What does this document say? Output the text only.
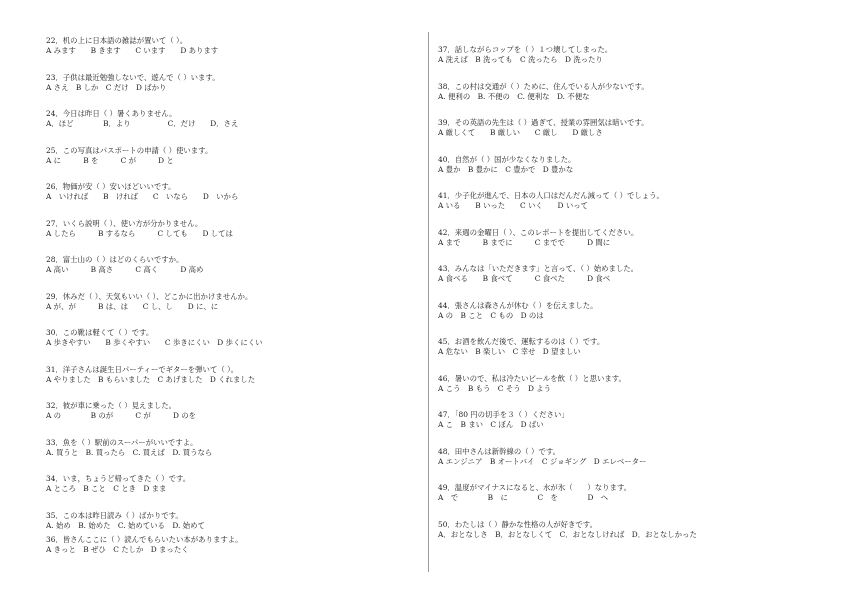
22．机の上に日本語の雑誌が置いて（ ）。
A みます　　B きます　　C います　　D あります
23．子供は最近勉強しないで、遊んで（ ）います。
A さえ　B しか　C だけ　D ばかり
24．今日は昨日（ ）暑くありません。
A．ほど　　　　B．より　　　　　C．だけ　　D．さえ
25．この写真はパスポートの申請（ ）使います。
A に　　　B を　　　C が　　　D と
26．物価が安（ ）安いほどいいです。
A　いければ　　B　ければ　　C　いなら　　D　いから
27．いくら説明（ ）、使い方が分かりません。
A したら　　　B するなら　　　C しても　　D しては
28．富士山の（ ）はどのくらいですか。
A 高い　　　B 高さ　　　C 高く　　　D 高め
29．休みだ（ ）、天気もいい（ ）、どこかに出かけませんか。
A が、が　　　B は、は　　C し、し　　D に、に
30．この靴は軽くて（ ）です。
A 歩きやすい　　B 歩くやすい　　C 歩きにくい　D 歩くにくい
31．洋子さんは誕生日パーティーでギターを弾いて（ ）。
A やりました　B もらいました　C あげました　D くれました
32．彼が車に乗った（ ）見えました。
A の　　　　B のが　　　C が　　　D のを
33．魚を（ ）駅前のスーパーがいいですよ。
A. 買うと　B. 買ったら　C. 買えば　D. 買うなら
34．いま，ちょうど帰ってきた（ ）です。
A ところ　B こと　C とき　D まま
35．この本は昨日読み（ ）ばかりです。
A. 始め　B. 始めた　C. 始めている　D. 始めて
36．皆さんここに（ ）読んでもらいたい本がありますよ。
A きっと　B ぜひ　C たしか　D まったく
37．話しながらコップを（ ）１つ壊してしまった。
A 洗えば　B 洗っても　C 洗ったら　D 洗ったり
38．この村は交通が（ ）ために、住んでいる人が少ないです。
A. 便利の　B. 不便の　C. 便利な　D. 不便な
39．その英語の先生は（ ）過ぎて、授業の雰囲気は暗いです。
A 厳しくて　　B 厳しい　　C 厳し　　D 厳しさ
40．自然が（ ）国が少なくなりました。
A 豊か　B 豊かに　C 豊かで　D 豊かな
41．少子化が進んで、日本の人口はだんだん減って（ ）でしょう。
A いる　　B いった　　C いく　　D いって
42．来週の金曜日（ ）、このレポートを提出してください。
A まで　　　B までに　　　C までで　　　D 間に
43．みんなは「いただきます」と言って、（ ）始めました。
A 食べる　　B 食べて　　　C 食べた　　　D 食べ
44．張さんは森さんが休む（ ）を伝えました。
A の　B こと　C もの　D のは
45．お酒を飲んだ後で、運転するのは（ ）です。
A 危ない　B 楽しい　C 幸せ　D 望ましい
46．暑いので、私は冷たいビールを飲（ ）と思います。
A こう　B もう　C そう　D よう
47．「80 円の切手を３（ ）ください」
A こ　B まい　C ぼん　D ばい
48．田中さんは新幹線の（ ）です。
A エンジニア　B オートバイ　C ジョギング　D エレベーター
49．温度がマイナスになると、水が氷（　　）なります。
A　で　　　　B　に　　　　C　を　　　　D　へ
50．わたしは（ ）静かな性格の人が好きです。
A．おとなしさ　B．おとなしくて　C．おとなしければ　D．おとなしかった
